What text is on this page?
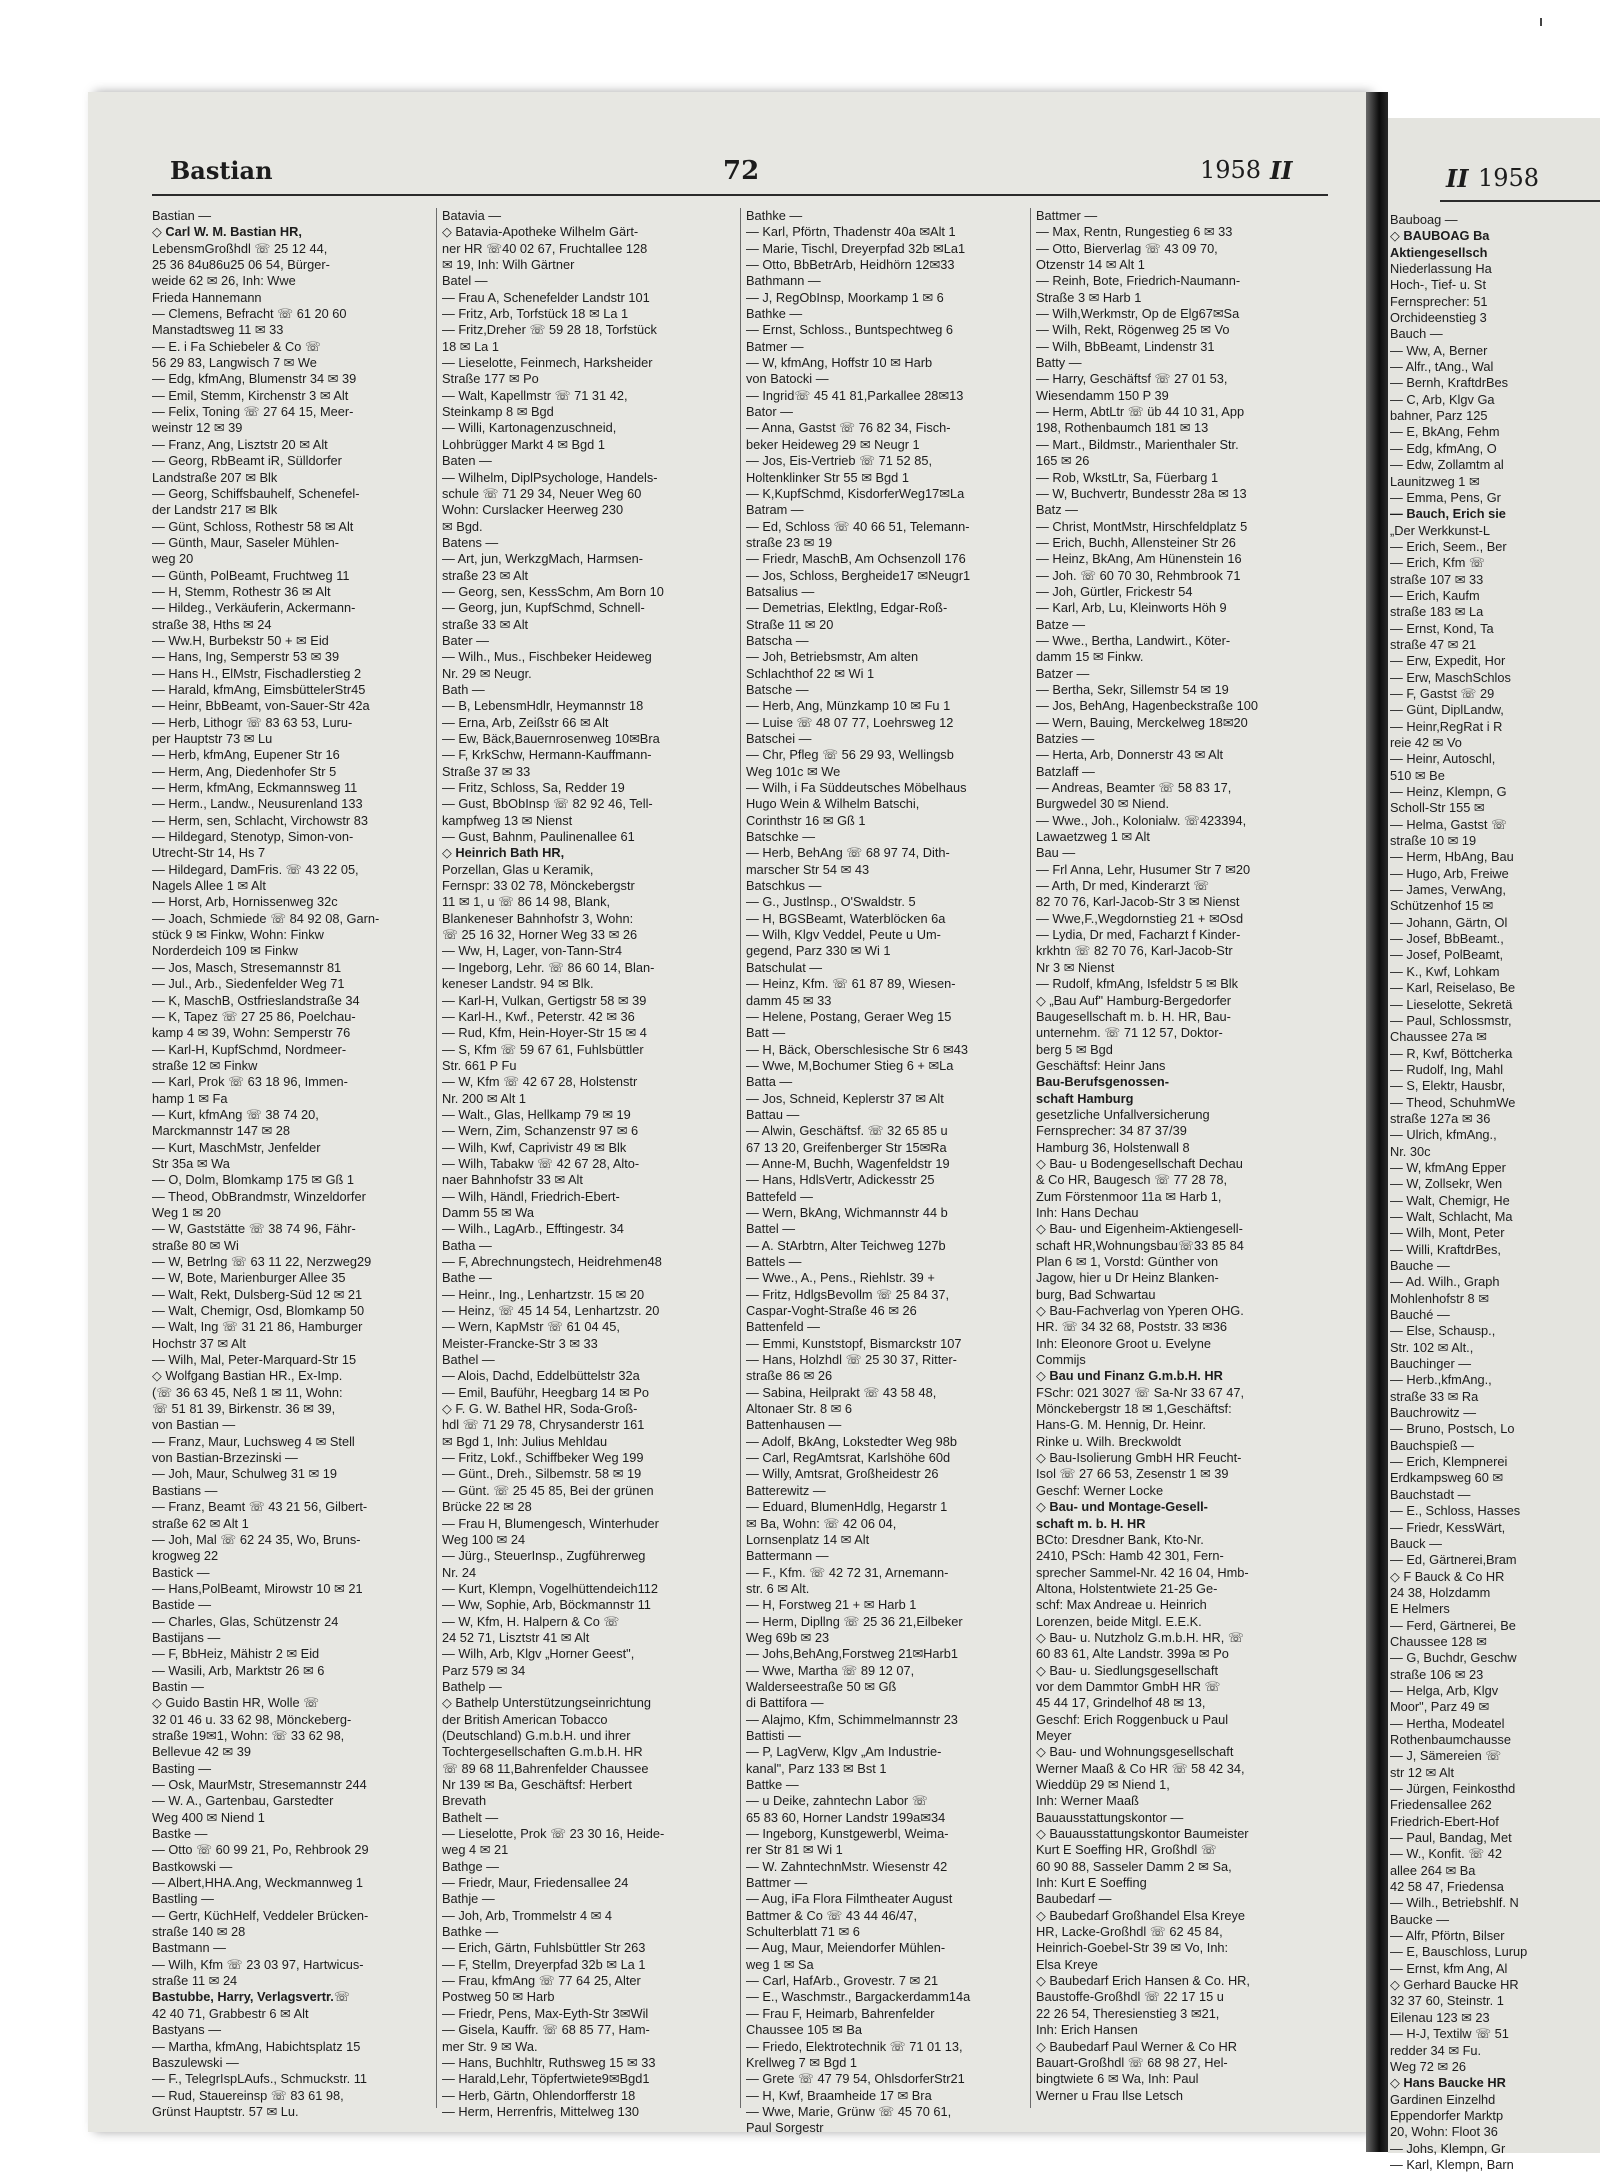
Bastian	72	1958 II	II 1958
Bastian —
◇ Carl W. M. Bastian HR,
LebensmGroßhdl ☏ 25 12 44,
25 36 84u86u25 06 54, Bürger-
weide 62 ✉ 26, Inh: Wwe
Frieda Hannemann
— Clemens, Befracht ☏ 61 20 60
Manstadtsweg 11 ✉ 33
— E. i Fa Schiebeler & Co ☏
56 29 83, Langwisch 7 ✉ We
— Edg, kfmAng, Blumenstr 34 ✉ 39
— Emil, Stemm, Kirchenstr 3 ✉ Alt
— Felix, Toning ☏ 27 64 15, Meer-
weinstr 12 ✉ 39
— Franz, Ang, Lisztstr 20 ✉ Alt
— Georg, RbBeamt iR, Sülldorfer
Landstraße 207 ✉ Blk
— Georg, Schiffsbauhelf, Schenefel-
der Landstr 217 ✉ Blk
— Günt, Schloss, Rothestr 58 ✉ Alt
— Günth, Maur, Saseler Mühlen-
weg 20
— Günth, PolBeamt, Fruchtweg 11
— H, Stemm, Rothestr 36 ✉ Alt
— Hildeg., Verkäuferin, Ackermann-
straße 38, Hths ✉ 24
— Ww.H, Burbekstr 50 + ✉ Eid
— Hans, Ing, Semperstr 53 ✉ 39
— Hans H., ElMstr, Fischadlerstieg 2
— Harald, kfmAng, EimsbüttelerStr45
— Heinr, BbBeamt, von-Sauer-Str 42a
— Herb, Lithogr ☏ 83 63 53, Luru-
per Hauptstr 73 ✉ Lu
— Herb, kfmAng, Eupener Str 16
— Herm, Ang, Diedenhofer Str 5
— Herm, kfmAng, Eckmannsweg 11
— Herm., Landw., Neusurenland 133
— Herm, sen, Schlacht, Virchowstr 83
— Hildegard, Stenotyp, Simon-von-
Utrecht-Str 14, Hs 7
— Hildegard, DamFris. ☏ 43 22 05,
Nagels Allee 1 ✉ Alt
— Horst, Arb, Hornissenweg 32c
— Joach, Schmiede ☏ 84 92 08, Garn-
stück 9 ✉ Finkw, Wohn: Finkw
Norderdeich 109 ✉ Finkw
— Jos, Masch, Stresemannstr 81
— Jul., Arb., Siedenfelder Weg 71
— K, MaschB, Ostfrieslandstraße 34
— K, Tapez ☏ 27 25 86, Poelchau-
kamp 4 ✉ 39, Wohn: Semperstr 76
— Karl-H, KupfSchmd, Nordmeer-
straße 12 ✉ Finkw
— Karl, Prok ☏ 63 18 96, Immen-
hamp 1 ✉ Fa
— Kurt, kfmAng ☏ 38 74 20,
Marckmannstr 147 ✉ 28
— Kurt, MaschMstr, Jenfelder
Str 35a ✉ Wa
— O, Dolm, Blomkamp 175 ✉ Gß 1
— Theod, ObBrandmstr, Winzeldorfer
Weg 1 ✉ 20
— W, Gaststätte ☏ 38 74 96, Fähr-
straße 80 ✉ Wi
— W, Betrlng ☏ 63 11 22, Nerzweg29
— W, Bote, Marienburger Allee 35
— Walt, Rekt, Dulsberg-Süd 12 ✉ 21
— Walt, Chemigr, Osd, Blomkamp 50
— Walt, Ing ☏ 31 21 86, Hamburger
Hochstr 37 ✉ Alt
— Wilh, Mal, Peter-Marquard-Str 15
◇ Wolfgang Bastian HR., Ex-Imp.
(☏ 36 63 45, Neß 1 ✉ 11, Wohn:
☏ 51 81 39, Birkenstr. 36 ✉ 39,
von Bastian —
— Franz, Maur, Luchsweg 4 ✉ Stell
von Bastian-Brzezinski —
— Joh, Maur, Schulweg 31 ✉ 19
Bastians —
— Franz, Beamt ☏ 43 21 56, Gilbert-
straße 62 ✉ Alt 1
— Joh, Mal ☏ 62 24 35, Wo, Bruns-
krogweg 22
Bastick —
— Hans,PolBeamt, Mirowstr 10 ✉ 21
Bastide —
— Charles, Glas, Schützenstr 24
Bastijans —
— F, BbHeiz, Mähistr 2 ✉ Eid
— Wasili, Arb, Marktstr 26 ✉ 6
Bastin —
◇ Guido Bastin HR, Wolle ☏
32 01 46 u. 33 62 98, Mönckeberg-
straße 19✉1, Wohn: ☏ 33 62 98,
Bellevue 42 ✉ 39
Basting —
— Osk, MaurMstr, Stresemannstr 244
— W. A., Gartenbau, Garstedter
Weg 400 ✉ Niend 1
Bastke —
— Otto ☏ 60 99 21, Po, Rehbrook 29
Bastkowski —
— Albert,HHA.Ang, Weckmannweg 1
Bastling —
— Gertr, KüchHelf, Veddeler Brücken-
straße 140 ✉ 28
Bastmann —
— Wilh, Kfm ☏ 23 03 97, Hartwicus-
straße 11 ✉ 24
Bastubbe, Harry, Verlagsvertr.☏
42 40 71, Grabbestr 6 ✉ Alt
Bastyans —
— Martha, kfmAng, Habichtsplatz 15
Baszulewski —
— F., TelegrIspLAufs., Schmuckstr. 11
— Rud, Stauereinsp ☏ 83 61 98,
Grünst Hauptstr. 57 ✉ Lu.
Batavia —
◇ Batavia-Apotheke Wilhelm Gärt-
ner HR ☏40 02 67, Fruchtallee 128
✉ 19, Inh: Wilh Gärtner
Batel —
— Frau A, Schenefelder Landstr 101
— Fritz, Arb, Torfstück 18 ✉ La 1
— Fritz,Dreher ☏ 59 28 18, Torfstück
18 ✉ La 1
— Lieselotte, Feinmech, Harksheider
Straße 177 ✉ Po
— Walt, Kapellmstr ☏ 71 31 42,
Steinkamp 8 ✉ Bgd
— Willi, Kartonagenzuschneid,
Lohbrügger Markt 4 ✉ Bgd 1
Baten —
— Wilhelm, DiplPsychologe, Handels-
schule ☏ 71 29 34, Neuer Weg 60
Wohn: Curslacker Heerweg 230
✉ Bgd.
Batens —
— Art, jun, WerkzgMach, Harmsen-
straße 23 ✉ Alt
— Georg, sen, KessSchm, Am Born 10
— Georg, jun, KupfSchmd, Schnell-
straße 33 ✉ Alt
Bater —
— Wilh., Mus., Fischbeker Heideweg
Nr. 29 ✉ Neugr.
Bath —
— B, LebensmHdlr, Heymannstr 18
— Erna, Arb, Zeißstr 66 ✉ Alt
— Ew, Bäck,Bauernrosenweg 10✉Bra
— F, KrkSchw, Hermann-Kauffmann-
Straße 37 ✉ 33
— Fritz, Schloss, Sa, Redder 19
— Gust, BbObInsp ☏ 82 92 46, Tell-
kampfweg 13 ✉ Nienst
— Gust, Bahnm, Paulinenallee 61
◇ Heinrich Bath HR,
Porzellan, Glas u Keramik,
Fernspr: 33 02 78, Mönckebergstr
11 ✉ 1, u ☏ 86 14 98, Blank,
Blankeneser Bahnhofstr 3, Wohn:
☏ 25 16 32, Horner Weg 33 ✉ 26
— Ww, H, Lager, von-Tann-Str4
— Ingeborg, Lehr. ☏ 86 60 14, Blan-
keneser Landstr. 94 ✉ Blk.
— Karl-H, Vulkan, Gertigstr 58 ✉ 39
— Karl-H., Kwf., Peterstr. 42 ✉ 36
— Rud, Kfm, Hein-Hoyer-Str 15 ✉ 4
— S, Kfm ☏ 59 67 61, Fuhlsbüttler
Str. 661 P Fu
— W, Kfm ☏ 42 67 28, Holstenstr
Nr. 200 ✉ Alt 1
— Walt., Glas, Hellkamp 79 ✉ 19
— Wern, Zim, Schanzenstr 97 ✉ 6
— Wilh, Kwf, Caprivistr 49 ✉ Blk
— Wilh, Tabakw ☏ 42 67 28, Alto-
naer Bahnhofstr 33 ✉ Alt
— Wilh, Händl, Friedrich-Ebert-
Damm 55 ✉ Wa
— Wilh., LagArb., Efftingestr. 34
Batha —
— F, Abrechnungstech, Heidrehmen48
Bathe —
— Heinr., Ing., Lenhartzstr. 15 ✉ 20
— Heinz, ☏ 45 14 54, Lenhartzstr. 20
— Wern, KapMstr ☏ 61 04 45,
Meister-Francke-Str 3 ✉ 33
Bathel —
— Alois, Dachd, Eddelbüttelstr 32a
— Emil, Bauführ, Heegbarg 14 ✉ Po
◇ F. G. W. Bathel HR, Soda-Groß-
hdl ☏ 71 29 78, Chrysanderstr 161
✉ Bgd 1, Inh: Julius Mehldau
— Fritz, Lokf., Schiffbeker Weg 199
— Günt., Dreh., Silbemstr. 58 ✉ 19
— Günt. ☏ 25 45 85, Bei der grünen
Brücke 22 ✉ 28
— Frau H, Blumengesch, Winterhuder
Weg 100 ✉ 24
— Jürg., SteuerInsp., Zugführerweg
Nr. 24
— Kurt, Klempn, Vogelhüttendeich112
— Ww, Sophie, Arb, Böckmannstr 11
— W, Kfm, H. Halpern & Co ☏
24 52 71, Lisztstr 41 ✉ Alt
— Wilh, Arb, Klgv „Horner Geest",
Parz 579 ✉ 34
Bathelp —
◇ Bathelp Unterstützungseinrichtung
der British American Tobacco
(Deutschland) G.m.b.H. und ihrer
Tochtergesellschaften G.m.b.H. HR
☏ 89 68 11,Bahrenfelder Chaussee
Nr 139 ✉ Ba, Geschäftsf: Herbert
Brevath
Bathelt —
— Lieselotte, Prok ☏ 23 30 16, Heide-
weg 4 ✉ 21
Bathge —
— Friedr, Maur, Friedensallee 24
Bathje —
— Joh, Arb, Trommelstr 4 ✉ 4
Bathke —
— Erich, Gärtn, Fuhlsbüttler Str 263
— F, Stellm, Dreyerpfad 32b ✉ La 1
— Frau, kfmAng ☏ 77 64 25, Alter
Postweg 50 ✉ Harb
— Friedr, Pens, Max-Eyth-Str 3✉Wil
— Gisela, Kauffr. ☏ 68 85 77, Ham-
mer Str. 9 ✉ Wa.
— Hans, Buchhltr, Ruthsweg 15 ✉ 33
— Harald,Lehr, Töpfertwiete9✉Bgd1
— Herb, Gärtn, Ohlendorfferstr 18
— Herm, Herrenfris, Mittelweg 130
Bathke —
— Karl, Pförtn, Thadenstr 40a ✉Alt 1
— Marie, Tischl, Dreyerpfad 32b ✉La1
— Otto, BbBetrArb, Heidhörn 12✉33
Bathmann —
— J, RegObInsp, Moorkamp 1 ✉ 6
Bathke —
— Ernst, Schloss., Buntspechtweg 6
Batmer —
— W, kfmAng, Hoffstr 10 ✉ Harb
von Batocki —
— Ingrid☏ 45 41 81,Parkallee 28✉13
Bator —
— Anna, Gastst ☏ 76 82 34, Fisch-
beker Heideweg 29 ✉ Neugr 1
— Jos, Eis-Vertrieb ☏ 71 52 85,
Holtenklinker Str 55 ✉ Bgd 1
— K,KupfSchmd, KisdorferWeg17✉La
Batram —
— Ed, Schloss ☏ 40 66 51, Telemann-
straße 23 ✉ 19
— Friedr, MaschB, Am Ochsenzoll 176
— Jos, Schloss, Bergheide17 ✉Neugr1
Batsalius —
— Demetrias, Elektlng, Edgar-Roß-
Straße 11 ✉ 20
Batscha —
— Joh, Betriebsmstr, Am alten
Schlachthof 22 ✉ Wi 1
Batsche —
— Herb, Ang, Münzkamp 10 ✉ Fu 1
— Luise ☏ 48 07 77, Loehrsweg 12
Batschei —
— Chr, Pfleg ☏ 56 29 93, Wellingsb
Weg 101c ✉ We
— Wilh, i Fa Süddeutsches Möbelhaus
Hugo Wein & Wilhelm Batschi,
Corinthstr 16 ✉ Gß 1
Batschke —
— Herb, BehAng ☏ 68 97 74, Dith-
marscher Str 54 ✉ 43
Batschkus —
— G., Justlnsp., O'Swaldstr. 5
— H, BGSBeamt, Waterblöcken 6a
— Wilh, Klgv Veddel, Peute u Um-
gegend, Parz 330 ✉ Wi 1
Batschulat —
— Heinz, Kfm. ☏ 61 87 89, Wiesen-
damm 45 ✉ 33
— Helene, Postang, Geraer Weg 15
Batt —
— H, Bäck, Oberschlesische Str 6 ✉43
— Wwe, M,Bochumer Stieg 6 + ✉La
Batta —
— Jos, Schneid, Keplerstr 37 ✉ Alt
Battau —
— Alwin, Geschäftsf. ☏ 32 65 85 u
67 13 20, Greifenberger Str 15✉Ra
— Anne-M, Buchh, Wagenfeldstr 19
— Hans, HdlsVertr, Adickesstr 25
Battefeld —
— Wern, BkAng, Wichmannstr 44 b
Battel —
— A. StArbtrn, Alter Teichweg 127b
Battels —
— Wwe., A., Pens., Riehlstr. 39 +
— Fritz, HdlgsBevollm ☏ 25 84 37,
Caspar-Voght-Straße 46 ✉ 26
Battenfeld —
— Emmi, Kunststopf, Bismarckstr 107
— Hans, Holzhdl ☏ 25 30 37, Ritter-
straße 86 ✉ 26
— Sabina, Heilprakt ☏ 43 58 48,
Altonaer Str. 8 ✉ 6
Battenhausen —
— Adolf, BkAng, Lokstedter Weg 98b
— Carl, RegAmtsrat, Karlshöhe 60d
— Willy, Amtsrat, Großheidestr 26
Batterewitz —
— Eduard, BlumenHdlg, Hegarstr 1
✉ Ba, Wohn: ☏ 42 06 04,
Lornsenplatz 14 ✉ Alt
Battermann —
— F., Kfm. ☏ 42 72 31, Arnemann-
str. 6 ✉ Alt.
— H, Forstweg 21 + ✉ Harb 1
— Herm, Dipllng ☏ 25 36 21,Eilbeker
Weg 69b ✉ 23
— Johs,BehAng,Forstweg 21✉Harb1
— Wwe, Martha ☏ 89 12 07,
Walderseestraße 50 ✉ Gß
di Battifora —
— Alajmo, Kfm, Schimmelmannstr 23
Battisti —
— P, LagVerw, Klgv „Am Industrie-
kanal", Parz 133 ✉ Bst 1
Battke —
— u Deike, zahntechn Labor ☏
65 83 60, Horner Landstr 199a✉34
— Ingeborg, Kunstgewerbl, Weima-
rer Str 81 ✉ Wi 1
— W. ZahntechnMstr. Wiesenstr 42
Battmer —
— Aug, iFa Flora Filmtheater August
Battmer & Co ☏ 43 44 46/47,
Schulterblatt 71 ✉ 6
— Aug, Maur, Meiendorfer Mühlen-
weg 1 ✉ Sa
— Carl, HafArb., Grovestr. 7 ✉ 21
— E., Waschmstr., Bargackerdamm14a
— Frau F, Heimarb, Bahrenfelder
Chaussee 105 ✉ Ba
— Friedo, Elektrotechnik ☏ 71 01 13,
Krellweg 7 ✉ Bgd 1
— Grete ☏ 47 79 54, OhlsdorferStr21
— H, Kwf, Braamheide 17 ✉ Bra
— Wwe, Marie, Grünw ☏ 45 70 61,
Paul Sorgestr
Battmer —
— Max, Rentn, Rungestieg 6 ✉ 33
— Otto, Bierverlag ☏ 43 09 70,
Otzenstr 14 ✉ Alt 1
— Reinh, Bote, Friedrich-Naumann-
Straße 3 ✉ Harb 1
— Wilh,Werkmstr, Op de Elg67✉Sa
— Wilh, Rekt, Rögenweg 25 ✉ Vo
— Wilh, BbBeamt, Lindenstr 31
Batty —
— Harry, Geschäftsf ☏ 27 01 53,
Wiesendamm 150 P 39
— Herm, AbtLtr ☏ üb 44 10 31, App
198, Rothenbaumch 181 ✉ 13
— Mart., Bildmstr., Marienthaler Str.
165 ✉ 26
— Rob, WkstLtr, Sa, Füerbarg 1
— W, Buchvertr, Bundesstr 28a ✉ 13
Batz —
— Christ, MontMstr, Hirschfeldplatz 5
— Erich, Buchh, Allensteiner Str 26
— Heinz, BkAng, Am Hünenstein 16
— Joh. ☏ 60 70 30, Rehmbrook 71
— Joh, Gürtler, Frickestr 54
— Karl, Arb, Lu, Kleinworts Höh 9
Batze —
— Wwe., Bertha, Landwirt., Köter-
damm 15 ✉ Finkw.
Batzer —
— Bertha, Sekr, Sillemstr 54 ✉ 19
— Jos, BehAng, Hagenbeckstraße 100
— Wern, Bauing, Merckelweg 18✉20
Batzies —
— Herta, Arb, Donnerstr 43 ✉ Alt
Batzlaff —
— Andreas, Beamter ☏ 58 83 17,
Burgwedel 30 ✉ Niend.
— Wwe., Joh., Kolonialw. ☏423394,
Lawaetzweg 1 ✉ Alt
Bau —
— Frl Anna, Lehr, Husumer Str 7 ✉20
— Arth, Dr med, Kinderarzt ☏
82 70 76, Karl-Jacob-Str 3 ✉ Nienst
— Wwe,F.,Wegdornstieg 21 + ✉Osd
— Lydia, Dr med, Facharzt f Kinder-
krkhtn ☏ 82 70 76, Karl-Jacob-Str
Nr 3 ✉ Nienst
— Rudolf, kfmAng, Isfeldstr 5 ✉ Blk
◇ „Bau Auf" Hamburg-Bergedorfer
Baugesellschaft m. b. H. HR, Bau-
unternehm. ☏ 71 12 57, Doktor-
berg 5 ✉ Bgd
Geschäftsf: Heinr Jans
Bau-Berufsgenossen-
schaft Hamburg
gesetzliche Unfallversicherung
Fernsprecher: 34 87 37/39
Hamburg 36, Holstenwall 8
◇ Bau- u Bodengesellschaft Dechau
& Co HR, Baugesch ☏ 77 28 78,
Zum Förstenmoor 11a ✉ Harb 1,
Inh: Hans Dechau
◇ Bau- und Eigenheim-Aktiengesell-
schaft HR,Wohnungsbau☏33 85 84
Plan 6 ✉ 1, Vorstd: Günther von
Jagow, hier u Dr Heinz Blanken-
burg, Bad Schwartau
◇ Bau-Fachverlag von Yperen OHG.
HR. ☏ 34 32 68, Poststr. 33 ✉36
Inh: Eleonore Groot u. Evelyne
Commijs
◇ Bau und Finanz G.m.b.H. HR
FSchr: 021 3027 ☏ Sa-Nr 33 67 47,
Mönckebergstr 18 ✉ 1,Geschäftsf:
Hans-G. M. Hennig, Dr. Heinr.
Rinke u. Wilh. Breckwoldt
◇ Bau-Isolierung GmbH HR Feucht-
Isol ☏ 27 66 53, Zesenstr 1 ✉ 39
Geschf: Werner Locke
◇ Bau- und Montage-Gesell-
schaft m. b. H. HR
BCto: Dresdner Bank, Kto-Nr.
2410, PSch: Hamb 42 301, Fern-
sprecher Sammel-Nr. 42 16 04, Hmb-
Altona, Holstentwiete 21-25 Ge-
schf: Max Andreae u. Heinrich
Lorenzen, beide Mitgl. E.E.K.
◇ Bau- u. Nutzholz G.m.b.H. HR, ☏
60 83 61, Alte Landstr. 399a ✉ Po
◇ Bau- u. Siedlungsgesellschaft
vor dem Dammtor GmbH HR ☏
45 44 17, Grindelhof 48 ✉ 13,
Geschf: Erich Roggenbuck u Paul
Meyer
◇ Bau- und Wohnungsgesellschaft
Werner Maaß & Co HR ☏ 58 42 34,
Wieddüp 29 ✉ Niend 1,
Inh: Werner Maaß
Bauausstattungskontor —
◇ Bauausstattungskontor Baumeister
Kurt E Soeffing HR, Großhdl ☏
60 90 88, Sasseler Damm 2 ✉ Sa,
Inh: Kurt E Soeffing
Baubedarf —
◇ Baubedarf Großhandel Elsa Kreye
HR, Lacke-Großhdl ☏ 62 45 84,
Heinrich-Goebel-Str 39 ✉ Vo, Inh:
Elsa Kreye
◇ Baubedarf Erich Hansen & Co. HR,
Baustoffe-Großhdl ☏ 22 17 15 u
22 26 54, Theresienstieg 3 ✉21,
Inh: Erich Hansen
◇ Baubedarf Paul Werner & Co HR
Bauart-Großhdl ☏ 68 98 27, Hel-
bingtwiete 6 ✉ Wa, Inh: Paul
Werner u Frau Ilse Letsch
Bauboag —
◇ BAUBOAG Ba
Aktiengesellsch
Niederlassung Ha
Hoch-, Tief- u. St
Fernsprecher: 51
Orchideenstieg 3
Bauch —
— Ww, A, Berner
— Alfr., tAng., Wal
— Bernh, KraftdrBes
— C, Arb, Klgv Ga
bahner, Parz 125
— E, BkAng, Fehm
— Edg, kfmAng, O
— Edw, Zollamtm al
Launitzweg 1 ✉
— Emma, Pens, Gr
— Bauch, Erich sie
„Der Werkkunst-L
— Erich, Seem., Ber
— Erich, Kfm ☏
straße 107 ✉ 33
— Erich, Kaufm
straße 183 ✉ La
— Ernst, Kond, Ta
straße 47 ✉ 21
— Erw, Expedit, Hor
— Erw, MaschSchlos
— F, Gastst ☏ 29
— Günt, DiplLandw,
— Heinr,RegRat i R
reie 42 ✉ Vo
— Heinr, Autoschl,
510 ✉ Be
— Heinz, Klempn, G
Scholl-Str 155 ✉
— Helma, Gastst ☏
straße 10 ✉ 19
— Herm, HbAng, Bau
— Hugo, Arb, Freiwe
— James, VerwAng,
Schützenhof 15 ✉
— Johann, Gärtn, Ol
— Josef, BbBeamt.,
— Josef, PolBeamt,
— K., Kwf, Lohkam
— Karl, Reiselaso, Be
— Lieselotte, Sekretä
— Paul, Schlossmstr,
Chaussee 27a ✉
— R, Kwf, Böttcherka
— Rudolf, Ing, Mahl
— S, Elektr, Hausbr,
— Theod, SchuhmWe
straße 127a ✉ 36
— Ulrich, kfmAng.,
Nr. 30c
— W, kfmAng Epper
— W, Zollsekr, Wen
— Walt, Chemigr, He
— Walt, Schlacht, Ma
— Wilh, Mont, Peter
— Willi, KraftdrBes,
Bauche —
— Ad. Wilh., Graph
Mohlenhofstr 8 ✉
Bauché —
— Else, Schausp.,
Str. 102 ✉ Alt.,
Bauchinger —
— Herb.,kfmAng.,
straße 33 ✉ Ra
Bauchrowitz —
— Bruno, Postsch, Lo
Bauchspieß —
— Erich, Klempnerei
Erdkampsweg 60 ✉
Bauchstadt —
— E., Schloss, Hasses
— Friedr, KessWärt,
Bauck —
— Ed, Gärtnerei,Bram
◇ F Bauck & Co HR
24 38, Holzdamm
E Helmers
— Ferd, Gärtnerei, Be
Chaussee 128 ✉
— G, Buchdr, Geschw
straße 106 ✉ 23
— Helga, Arb, Klgv
Moor", Parz 49 ✉
— Hertha, Modeatel
Rothenbaumchausse
— J, Sämereien ☏
str 12 ✉ Alt
— Jürgen, Feinkosthd
Friedensallee 262
Friedrich-Ebert-Hof
— Paul, Bandag, Met
— W., Konfit. ☏ 42
allee 264 ✉ Ba
42 58 47, Friedensa
— Wilh., Betriebshlf. N
Baucke —
— Alfr, Pförtn, Bilser
— E, Bauschloss, Lurup
— Ernst, kfm Ang, Al
◇ Gerhard Baucke HR
32 37 60, Steinstr. 1
Eilenau 123 ✉ 23
— H-J, Textilw ☏ 51
redder 34 ✉ Fu.
Weg 72 ✉ 26
◇ Hans Baucke HR
Gardinen Einzelhd
Eppendorfer Marktp
20, Wohn: Floot 36
— Johs, Klempn, Gr
— Karl, Klempn, Barn
